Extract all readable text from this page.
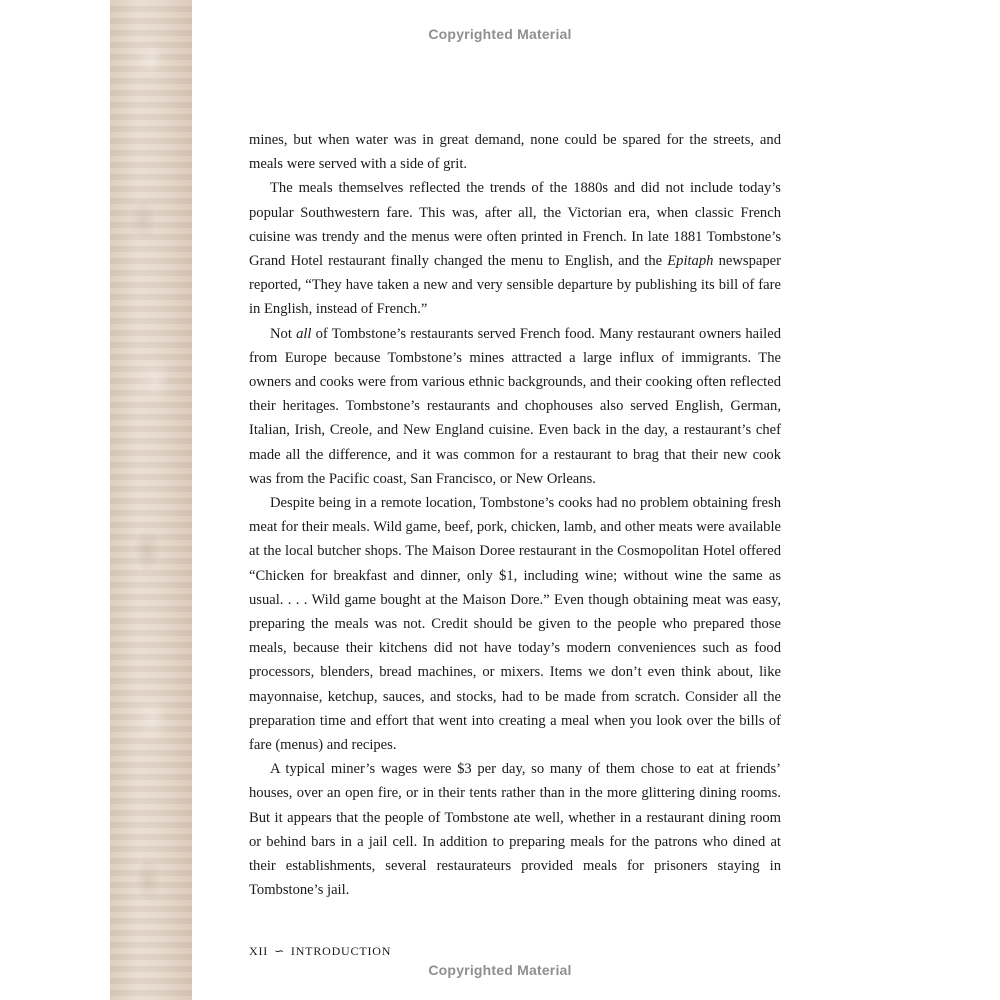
Copyrighted Material

mines, but when water was in great demand, none could be spared for the streets, and meals were served with a side of grit.

The meals themselves reflected the trends of the 1880s and did not include today’s popular Southwestern fare. This was, after all, the Victorian era, when classic French cuisine was trendy and the menus were often printed in French. In late 1881 Tombstone’s Grand Hotel restaurant finally changed the menu to English, and the Epitaph newspaper reported, “They have taken a new and very sensible departure by publishing its bill of fare in English, instead of French.”

Not all of Tombstone’s restaurants served French food. Many restaurant owners hailed from Europe because Tombstone’s mines attracted a large influx of immigrants. The owners and cooks were from various ethnic backgrounds, and their cooking often reflected their heritages. Tombstone’s restaurants and chophouses also served English, German, Italian, Irish, Creole, and New England cuisine. Even back in the day, a restaurant’s chef made all the difference, and it was common for a restaurant to brag that their new cook was from the Pacific coast, San Francisco, or New Orleans.

Despite being in a remote location, Tombstone’s cooks had no problem obtaining fresh meat for their meals. Wild game, beef, pork, chicken, lamb, and other meats were available at the local butcher shops. The Maison Doree restaurant in the Cosmopolitan Hotel offered “Chicken for breakfast and dinner, only $1, including wine; without wine the same as usual. . . . Wild game bought at the Maison Dore.” Even though obtaining meat was easy, preparing the meals was not. Credit should be given to the people who prepared those meals, because their kitchens did not have today’s modern conveniences such as food processors, blenders, bread machines, or mixers. Items we don’t even think about, like mayonnaise, ketchup, sauces, and stocks, had to be made from scratch. Consider all the preparation time and effort that went into creating a meal when you look over the bills of fare (menus) and recipes.

A typical miner’s wages were $3 per day, so many of them chose to eat at friends’ houses, over an open fire, or in their tents rather than in the more glittering dining rooms. But it appears that the people of Tombstone ate well, whether in a restaurant dining room or behind bars in a jail cell. In addition to preparing meals for the patrons who dined at their establishments, several restaurateurs provided meals for prisoners staying in Tombstone’s jail.

XII ∽ INTRODUCTION
Copyrighted Material
